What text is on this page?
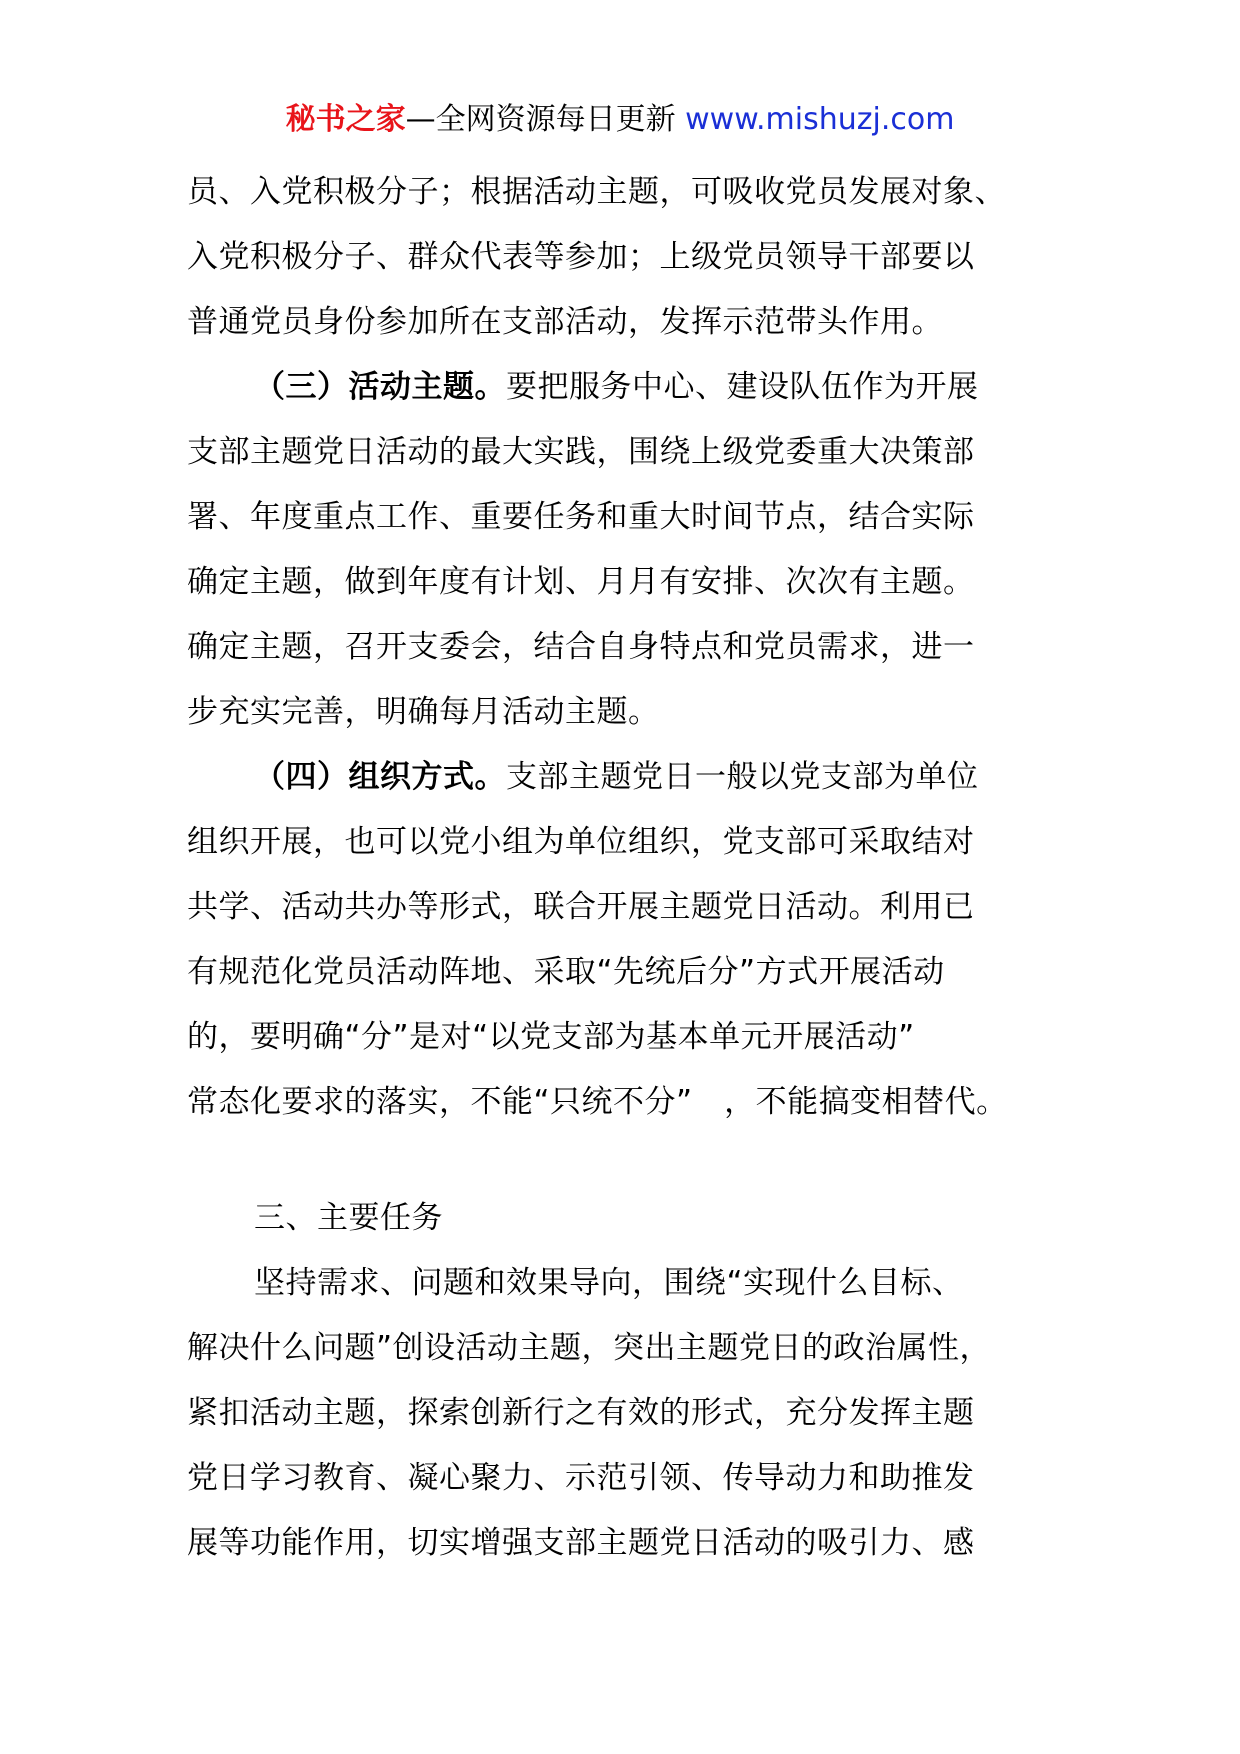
秘书之家—全网资源每日更新 www.mishuzj.com
员、入党积极分子；根据活动主题，可吸收党员发展对象、
入党积极分子、群众代表等参加；上级党员领导干部要以
普通党员身份参加所在支部活动，发挥示范带头作用。
（三）活动主题。要把服务中心、建设队伍作为开展
支部主题党日活动的最大实践，围绕上级党委重大决策部
署、年度重点工作、重要任务和重大时间节点，结合实际
确定主题，做到年度有计划、月月有安排、次次有主题。
确定主题，召开支委会，结合自身特点和党员需求，进一
步充实完善，明确每月活动主题。
（四）组织方式。支部主题党日一般以党支部为单位
组织开展，也可以党小组为单位组织，党支部可采取结对
共学、活动共办等形式，联合开展主题党日活动。利用已
有规范化党员活动阵地、采取“先统后分”方式开展活动
的，要明确“分”是对“以党支部为基本单元开展活动”
常态化要求的落实，不能“只统不分”　，不能搞变相替代。
三、主要任务
坚持需求、问题和效果导向，围绕“实现什么目标、
解决什么问题”创设活动主题，突出主题党日的政治属性，
紧扣活动主题，探索创新行之有效的形式，充分发挥主题
党日学习教育、凝心聚力、示范引领、传导动力和助推发
展等功能作用，切实增强支部主题党日活动的吸引力、感
